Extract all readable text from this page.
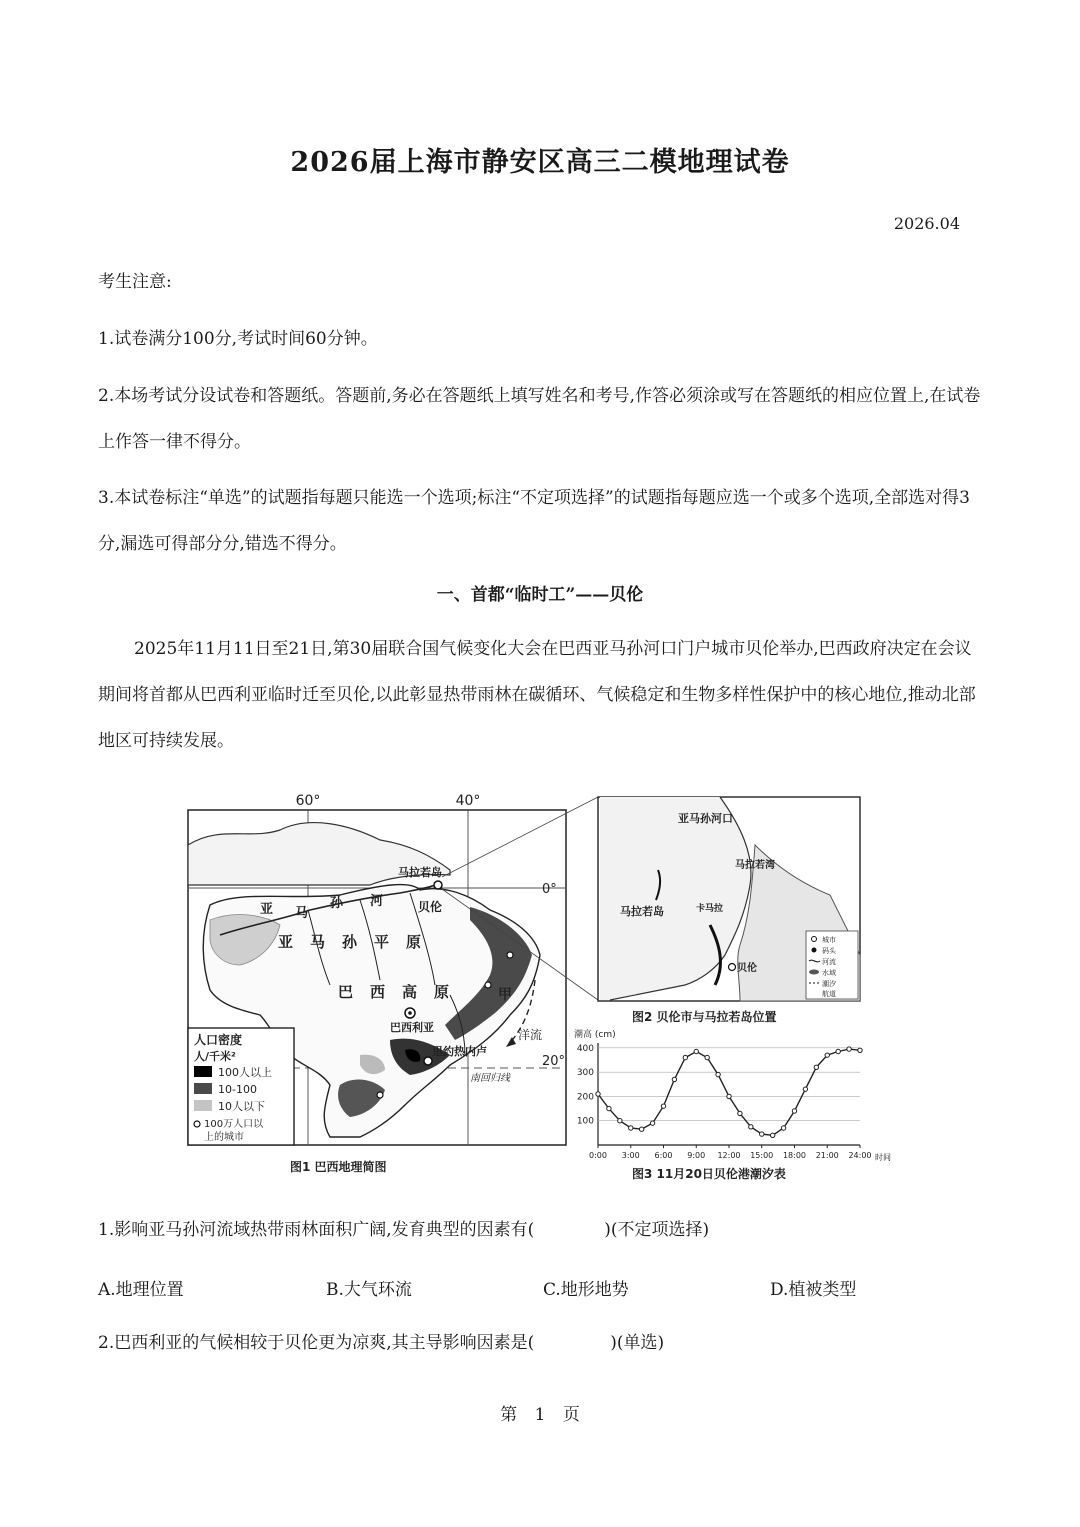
2026届上海市静安区高三二模地理试卷
2026.04
考生注意:
1.试卷满分100分,考试时间60分钟。
2.本场考试分设试卷和答题纸。答题前,务必在答题纸上填写姓名和考号,作答必须涂或写在答题纸的相应位置上,在试卷上作答一律不得分。
3.本试卷标注“单选”的试题指每题只能选一个选项;标注“不定项选择”的试题指每题应选一个或多个选项,全部选对得3分,漏选可得部分分,错选不得分。
一、首都“临时工”——贝伦
2025年11月11日至21日,第30届联合国气候变化大会在巴西亚马孙河口门户城市贝伦举办,巴西政府决定在会议期间将首都从巴西利亚临时迁至贝伦,以此彰显热带雨林在碳循环、气候稳定和生物多样性保护中的核心地位,推动北部地区可持续发展。
60°	40°
0°
20°
马拉若岛
贝伦
亚 马
孙 河
亚 马 孙 平 原
巴 西 高 原
巴西利亚
里约热内卢
甲
洋流
南回归线
人口密度
人/千米²
100人以上
10-100
10人以下
100万人口以
上的城市
图1 巴西地理简图
亚马孙河口
马拉若湾
马拉若岛	卡马拉
贝伦
城市
码头
河流
水域
潮汐
航道
图2 贝伦市与马拉若岛位置
潮高 (cm)
时间
图3 11月20日贝伦港潮汐表
100
200
300
400
0:00 3:00 6:00 9:00 12:00 15:00 18:00 21:00 24:00
1.影响亚马孙河流域热带雨林面积广阔,发育典型的因素有(	)(不定项选择)
A.地理位置	B.大气环流	C.地形地势	D.植被类型
2.巴西利亚的气候相较于贝伦更为凉爽,其主导影响因素是(	)(单选)
第 1 页
